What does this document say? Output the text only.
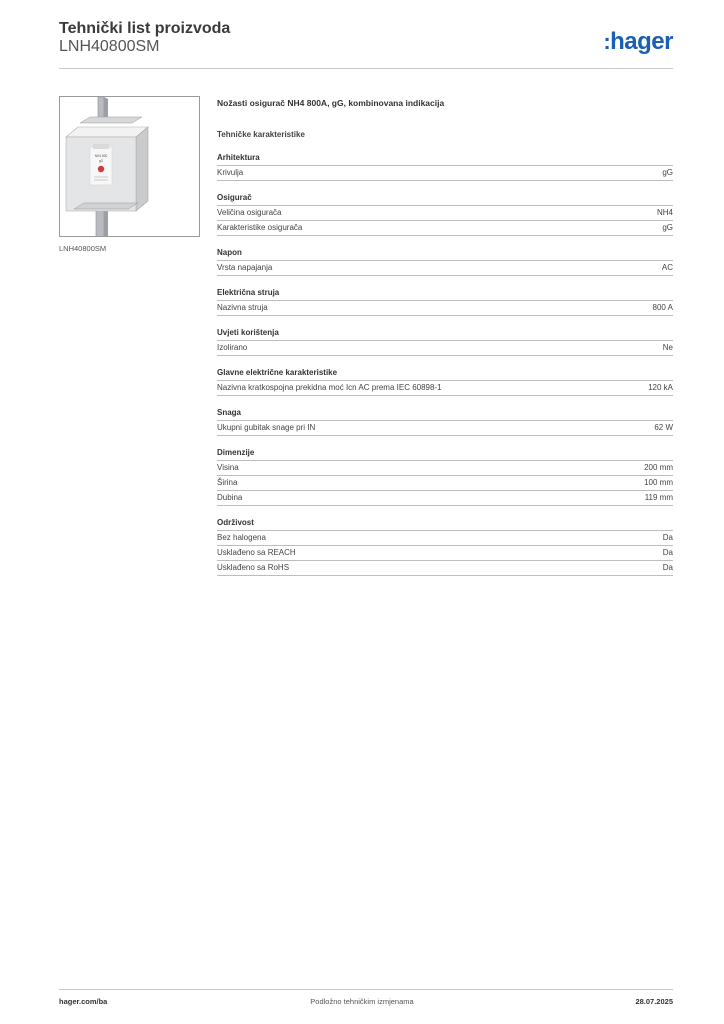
Tehnički list proizvoda
LNH40800SM	:hager
NH4 800
gG
LNH40800SM
Nožasti osigurač NH4 800A, gG, kombinovana indikacija
Tehničke karakteristike
Arhitektura
Krivulja	gG
Osigurač
Veličina osigurača	NH4
Karakteristike osigurača	gG
Napon
Vrsta napajanja	AC
Električna struja
Nazivna struja	800 A
Uvjeti korištenja
Izolirano	Ne
Glavne električne karakteristike
Nazivna kratkospojna prekidna moć Icn AC prema IEC 60898-1	120 kA
Snaga
Ukupni gubitak snage pri IN	62 W
Dimenzije
Visina	200 mm
Širina	100 mm
Dubina	119 mm
Održivost
Bez halogena	Da
Usklađeno sa REACH	Da
Usklađeno sa RoHS	Da
hager.com/ba	Podložno tehničkim izmjenama	28.07.2025
